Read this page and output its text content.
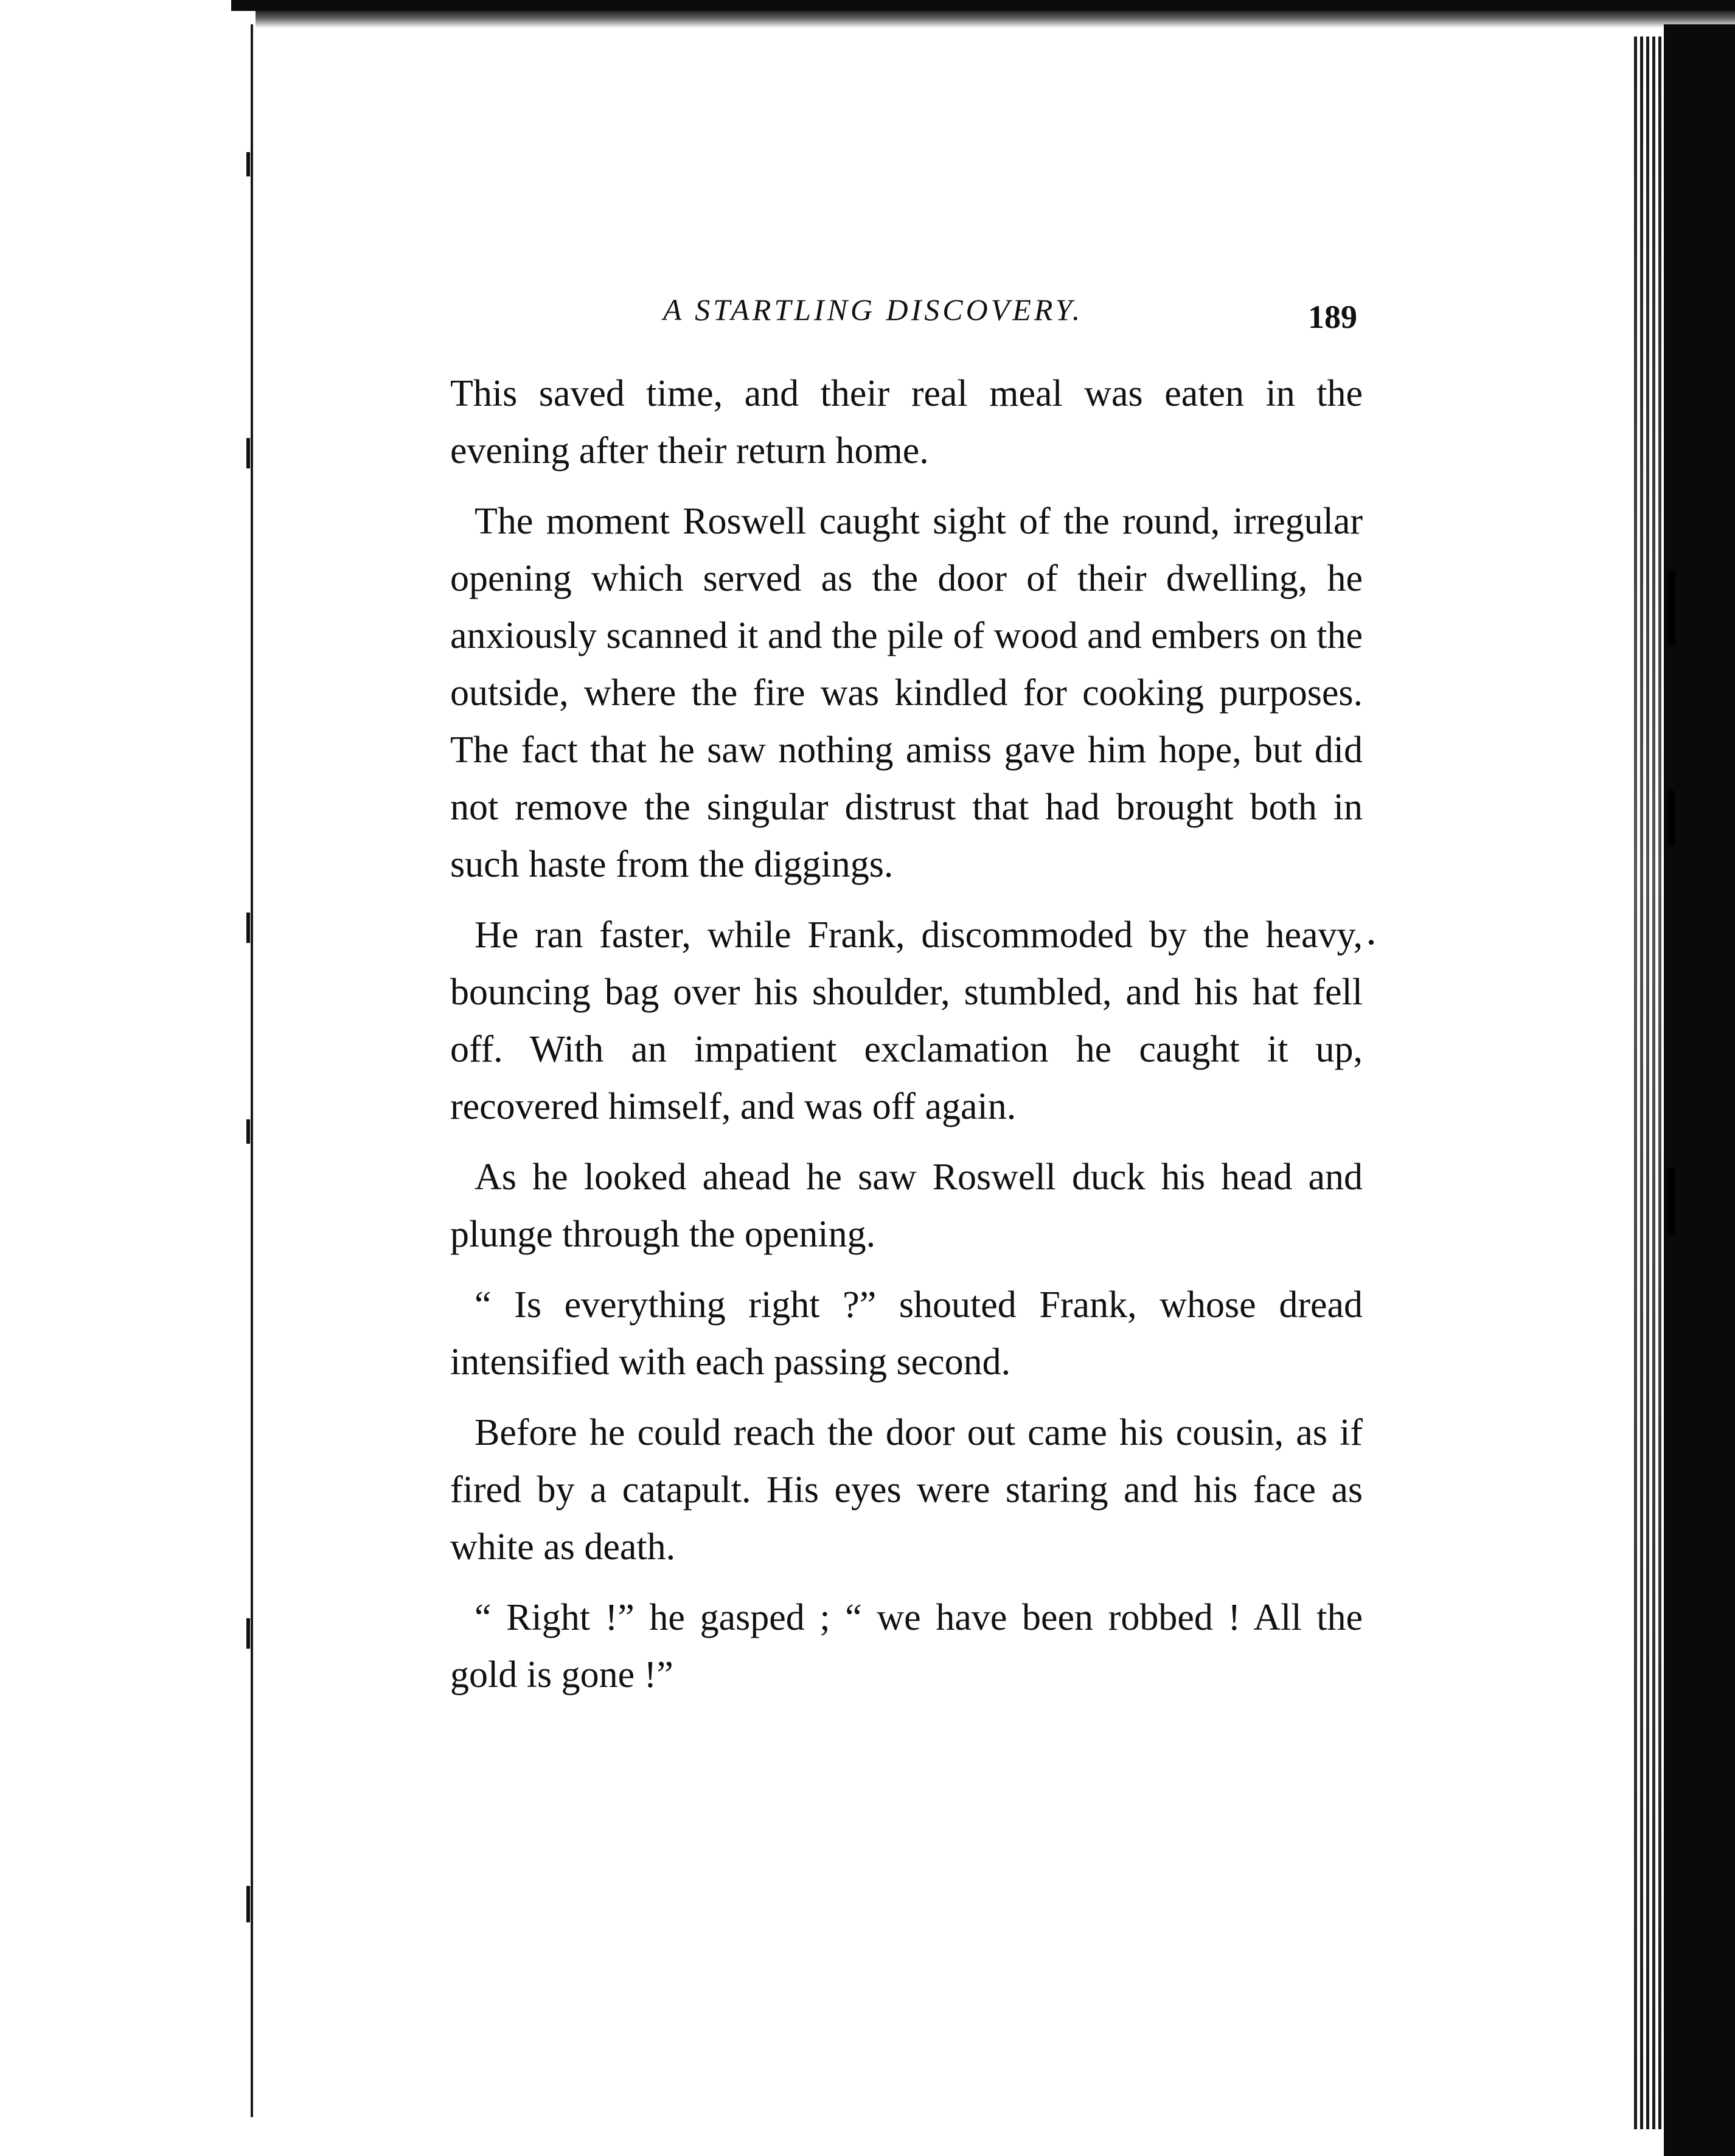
A STARTLING DISCOVERY.	189

This saved time, and their real meal was eaten in the evening after their return home.

The moment Roswell caught sight of the round, irregular opening which served as the door of their dwelling, he anxiously scanned it and the pile of wood and embers on the outside, where the fire was kindled for cooking purposes. The fact that he saw nothing amiss gave him hope, but did not remove the singular distrust that had brought both in such haste from the diggings.

He ran faster, while Frank, discommoded by the heavy, bouncing bag over his shoulder, stumbled, and his hat fell off. With an impatient exclamation he caught it up, recovered himself, and was off again.

As he looked ahead he saw Roswell duck his head and plunge through the opening.

“ Is everything right ?” shouted Frank, whose dread intensified with each passing second.

Before he could reach the door out came his cousin, as if fired by a catapult. His eyes were staring and his face as white as death.

“ Right !” he gasped ; “ we have been robbed ! All the gold is gone !”
